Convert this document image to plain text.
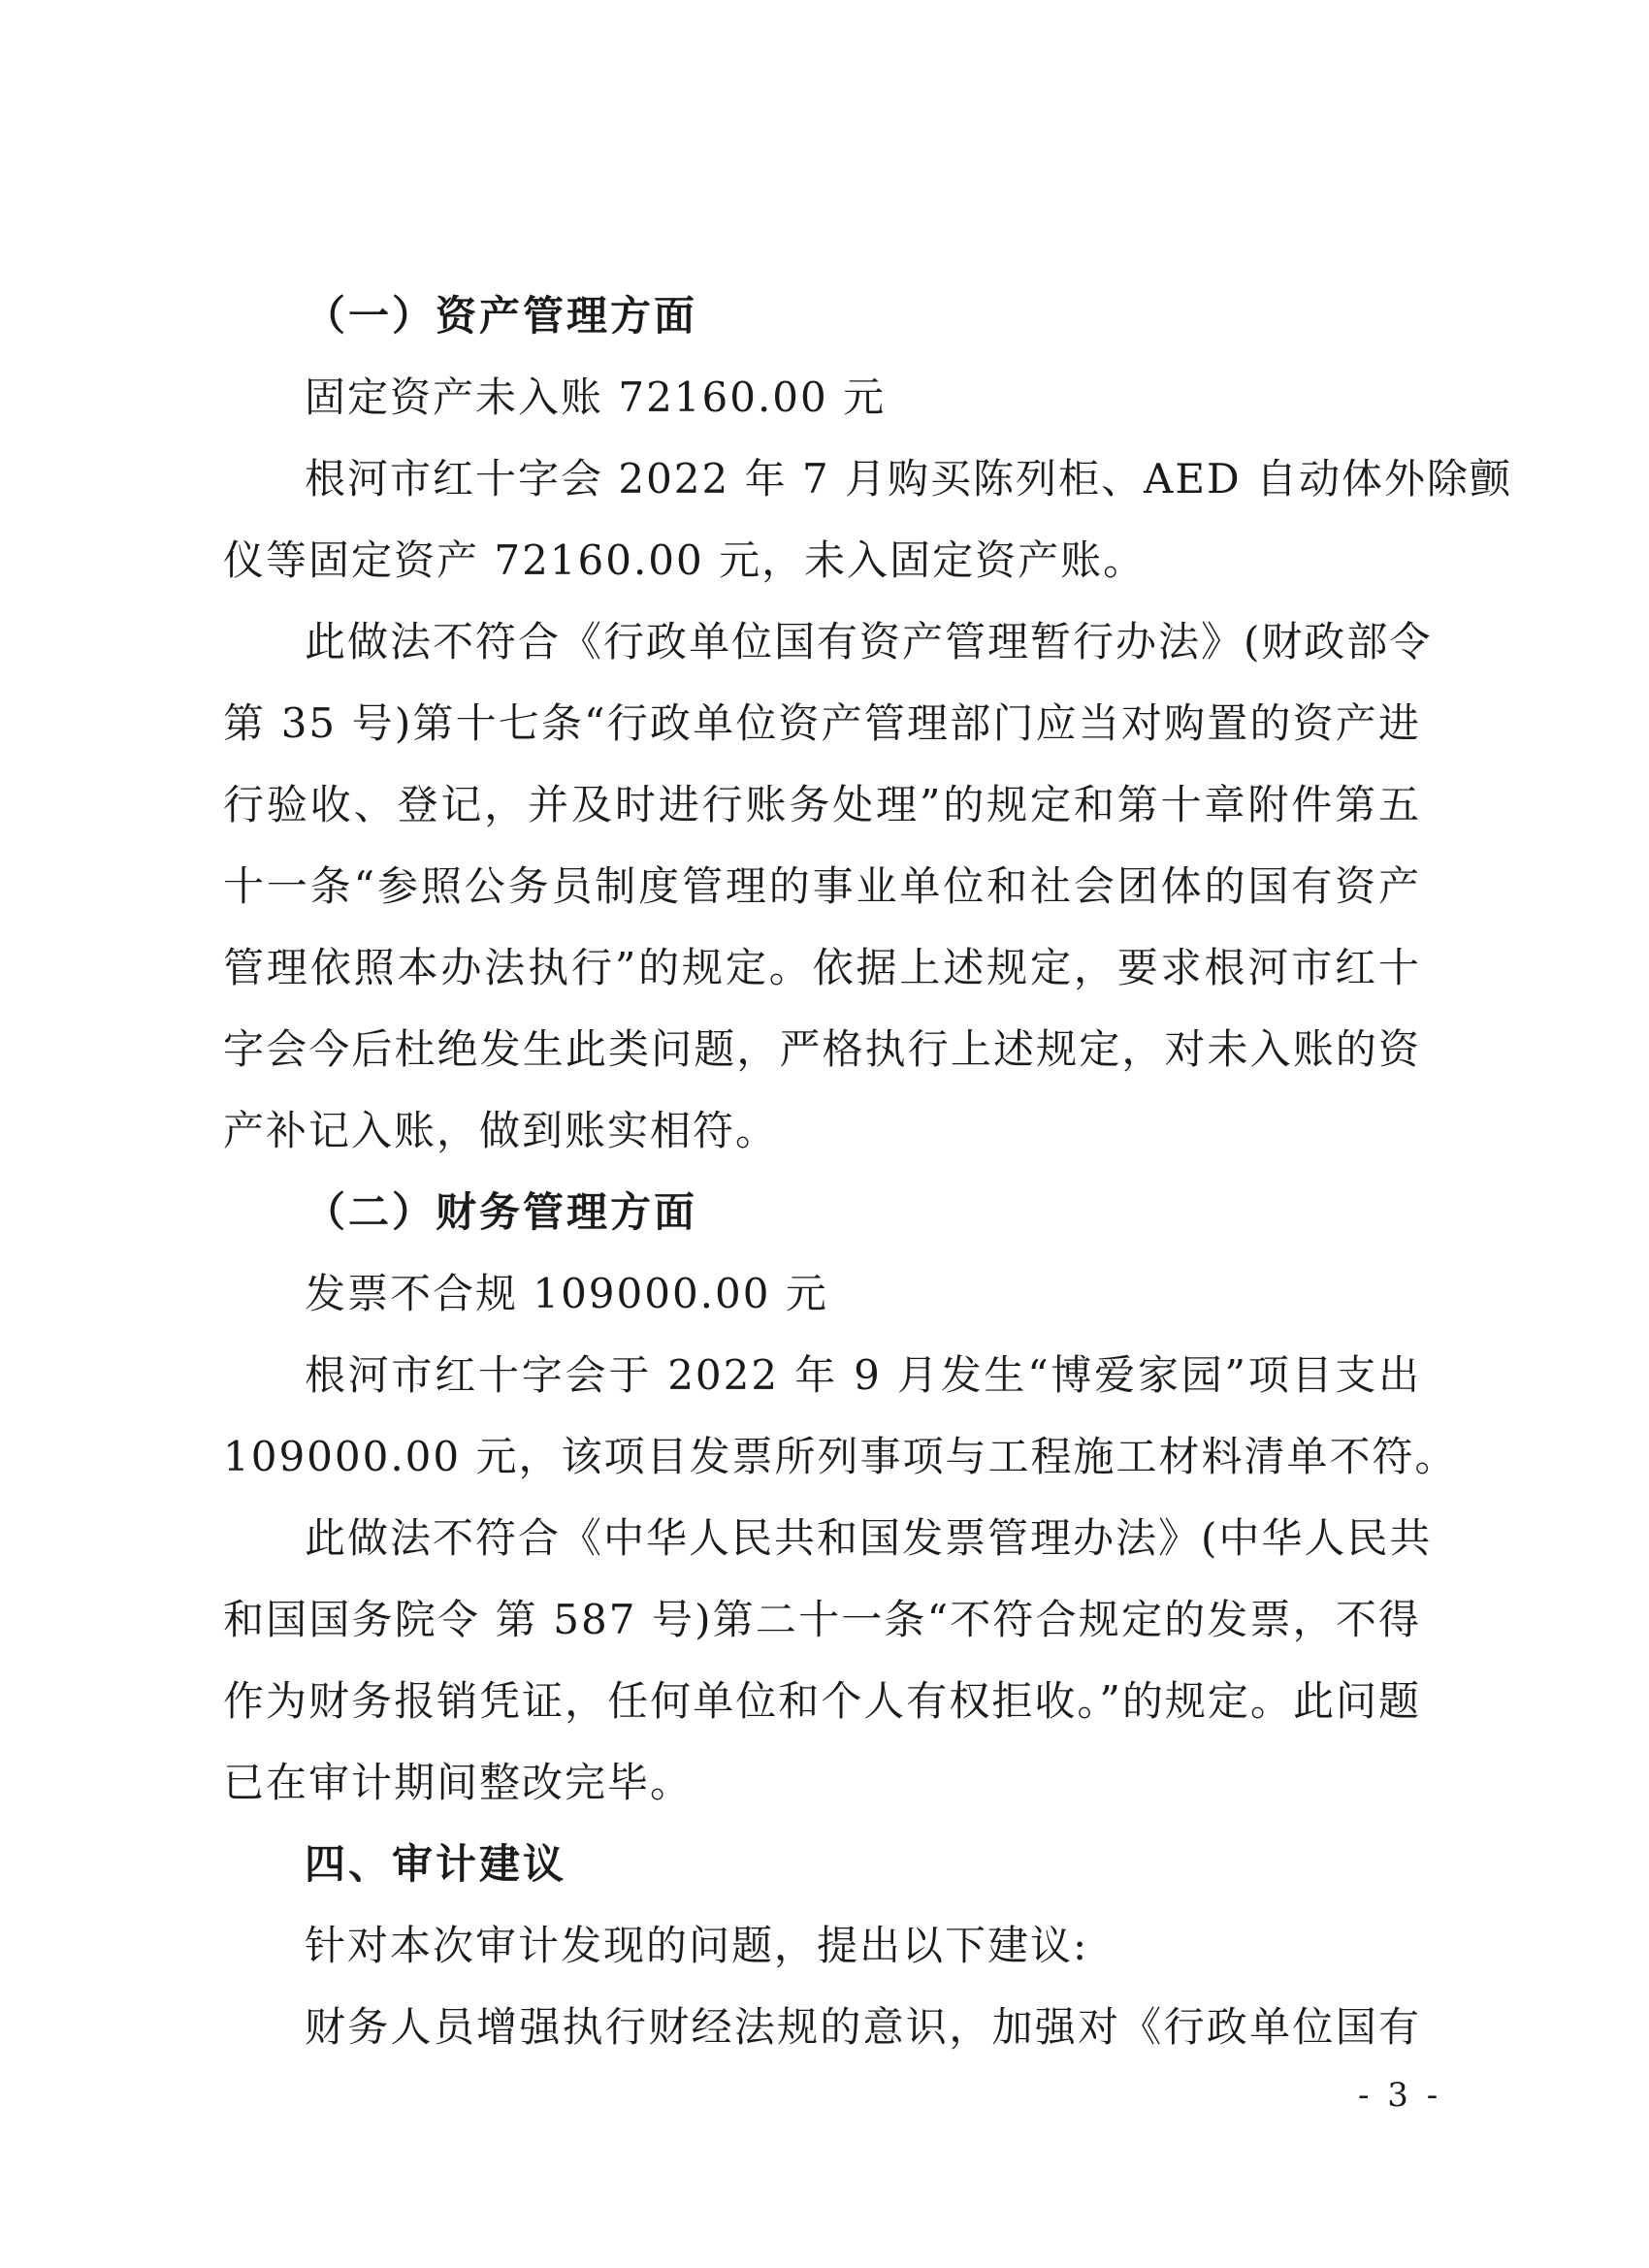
（一）资产管理方面
固定资产未入账 72160.00 元
根河市红十字会 2022 年 7 月购买陈列柜、AED 自动体外除颤
仪等固定资产 72160.00 元，未入固定资产账。
此做法不符合《行政单位国有资产管理暂行办法》(财政部令
第 35 号)第十七条“行政单位资产管理部门应当对购置的资产进
行验收、登记，并及时进行账务处理”的规定和第十章附件第五
十一条“参照公务员制度管理的事业单位和社会团体的国有资产
管理依照本办法执行”的规定。依据上述规定，要求根河市红十
字会今后杜绝发生此类问题，严格执行上述规定，对未入账的资
产补记入账，做到账实相符。
（二）财务管理方面
发票不合规 109000.00 元
根河市红十字会于 2022 年 9 月发生“博爱家园”项目支出
109000.00 元，该项目发票所列事项与工程施工材料清单不符。
此做法不符合《中华人民共和国发票管理办法》(中华人民共
和国国务院令 第 587 号)第二十一条“不符合规定的发票，不得
作为财务报销凭证，任何单位和个人有权拒收。”的规定。此问题
已在审计期间整改完毕。
四、审计建议
针对本次审计发现的问题，提出以下建议:
财务人员增强执行财经法规的意识，加强对《行政单位国有
- 3 -
